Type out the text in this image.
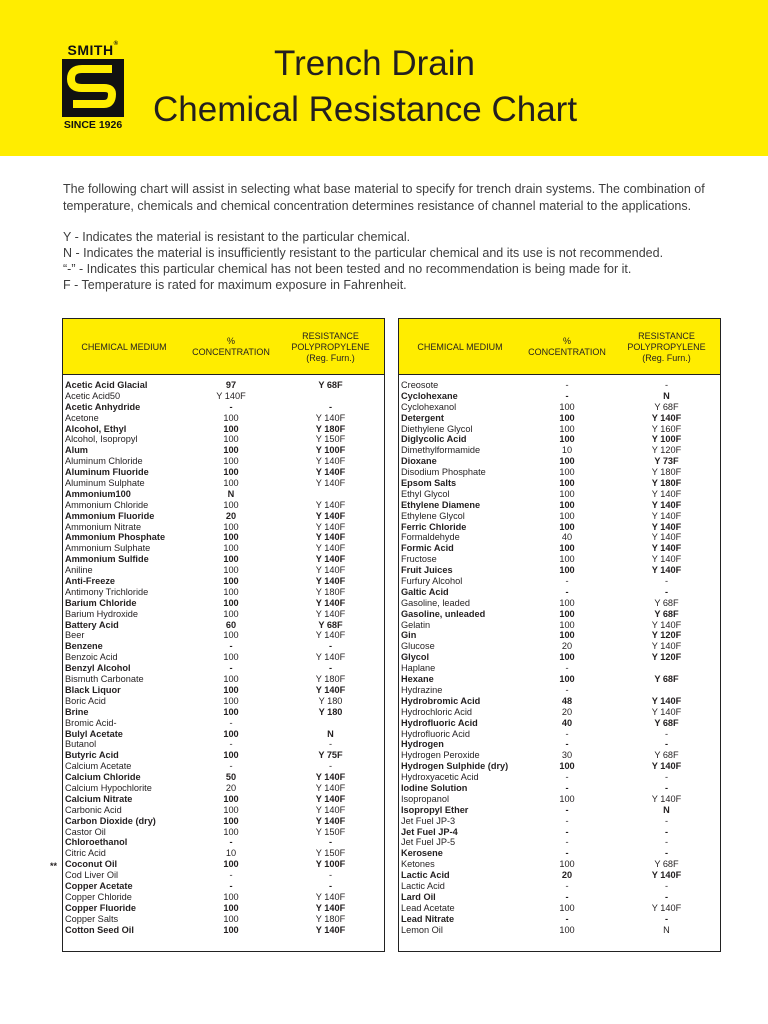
SMITH®
SINCE 1926
Trench Drain
Chemical Resistance Chart

The following chart will assist in selecting what base material to specify for trench drain systems. The combination of temperature, chemicals and chemical concentration determines resistance of channel material to the applications.

Y - Indicates the material is resistant to the particular chemical.
N - Indicates the material is insufficiently resistant to the particular chemical and its use is not recommended.
“-” - Indicates this particular chemical has not been tested and no recommendation is being made for it.
F - Temperature is rated for maximum exposure in Fahrenheit.
CHEMICAL MEDIUM
%
CONCENTRATION
RESISTANCE
POLYPROPYLENE
(Reg. Furn.)
Acetic Acid Glacial	97	Y 68F
Acetic Acid50	Y 140F
Acetic Anhydride	-	-
Acetone	100	Y 140F
Alcohol, Ethyl	100	Y 180F
Alcohol, Isopropyl	100	Y 150F
Alum	100	Y 100F
Aluminum Chloride	100	Y 140F
Aluminum Fluoride	100	Y 140F
Aluminum Sulphate	100	Y 140F
Ammonium100	N
Ammonium Chloride	100	Y 140F
Ammonium Fluoride	20	Y 140F
Ammonium Nitrate	100	Y 140F
Ammonium Phosphate	100	Y 140F
Ammonium Sulphate	100	Y 140F
Ammonium Sulfide	100	Y 140F
Aniline	100	Y 140F
Anti-Freeze	100	Y 140F
Antimony Trichloride	100	Y 180F
Barium Chloride	100	Y 140F
Barium Hydroxide	100	Y 140F
Battery Acid	60	Y 68F
Beer	100	Y 140F
Benzene	-	-
Benzoic Acid	100	Y 140F
Benzyl Alcohol	-	-
Bismuth Carbonate	100	Y 180F
Black Liquor	100	Y 140F
Boric Acid	100	Y 180
Brine	100	Y 180
Bromic Acid-	-
Bulyl Acetate	100	N
Butanol	-	-
Butyric Acid	100	Y 75F
Calcium Acetate	-	-
Calcium Chloride	50	Y 140F
Calcium Hypochlorite	20	Y 140F
Calcium Nitrate	100	Y 140F
Carbonic Acid	100	Y 140F
Carbon Dioxide (dry)	100	Y 140F
Castor Oil	100	Y 150F
Chloroethanol	-	-
Citric Acid	10	Y 150F
Coconut Oil	100	Y 100F
Cod Liver Oil	-	-
Copper Acetate	-	-
Copper Chloride	100	Y 140F
Copper Fluoride	100	Y 140F
Copper Salts	100	Y 180F
Cotton Seed Oil	100	Y 140F
CHEMICAL MEDIUM
%
CONCENTRATION
RESISTANCE
POLYPROPYLENE
(Reg. Furn.)
Creosote	-	-
Cyclohexane	-	N
Cyclohexanol	100	Y 68F
Detergent	100	Y 140F
Diethylene Glycol	100	Y 160F
Diglycolic Acid	100	Y 100F
Dimethylformamide	10	Y 120F
Dioxane	100	Y 73F
Disodium Phosphate	100	Y 180F
Epsom Salts	100	Y 180F
Ethyl Glycol	100	Y 140F
Ethylene Diamene	100	Y 140F
Ethylene Glycol	100	Y 140F
Ferric Chloride	100	Y 140F
Formaldehyde	40	Y 140F
Formic Acid	100	Y 140F
Fructose	100	Y 140F
Fruit Juices	100	Y 140F
Furfury Alcohol	-	-
Galtic Acid	-	-
Gasoline, leaded	100	Y 68F
Gasoline, unleaded	100	Y 68F
Gelatin	100	Y 140F
Gin	100	Y 120F
Glucose	20	Y 140F
Glycol	100	Y 120F
Haplane	-
Hexane	100	Y 68F
Hydrazine	-
Hydrobromic Acid	48	Y 140F
Hydrochloric Acid	20	Y 140F
Hydrofluoric Acid	40	Y 68F
Hydrofluoric Acid	-	-
Hydrogen	-	-
Hydrogen Peroxide	30	Y 68F
Hydrogen Sulphide (dry)	100	Y 140F
Hydroxyacetic Acid	-	-
Iodine Solution	-	-
Isopropanol	100	Y 140F
Isopropyl Ether	-	N
Jet Fuel JP-3	-	-
Jet Fuel JP-4	-	-
Jet Fuel JP-5	-	-
Kerosene	-	-
Ketones	100	Y 68F
Lactic Acid	20	Y 140F
Lactic Acid	-	-
Lard Oil	-	-
Lead Acetate	100	Y 140F
Lead Nitrate	-	-
Lemon Oil	100	N
**
